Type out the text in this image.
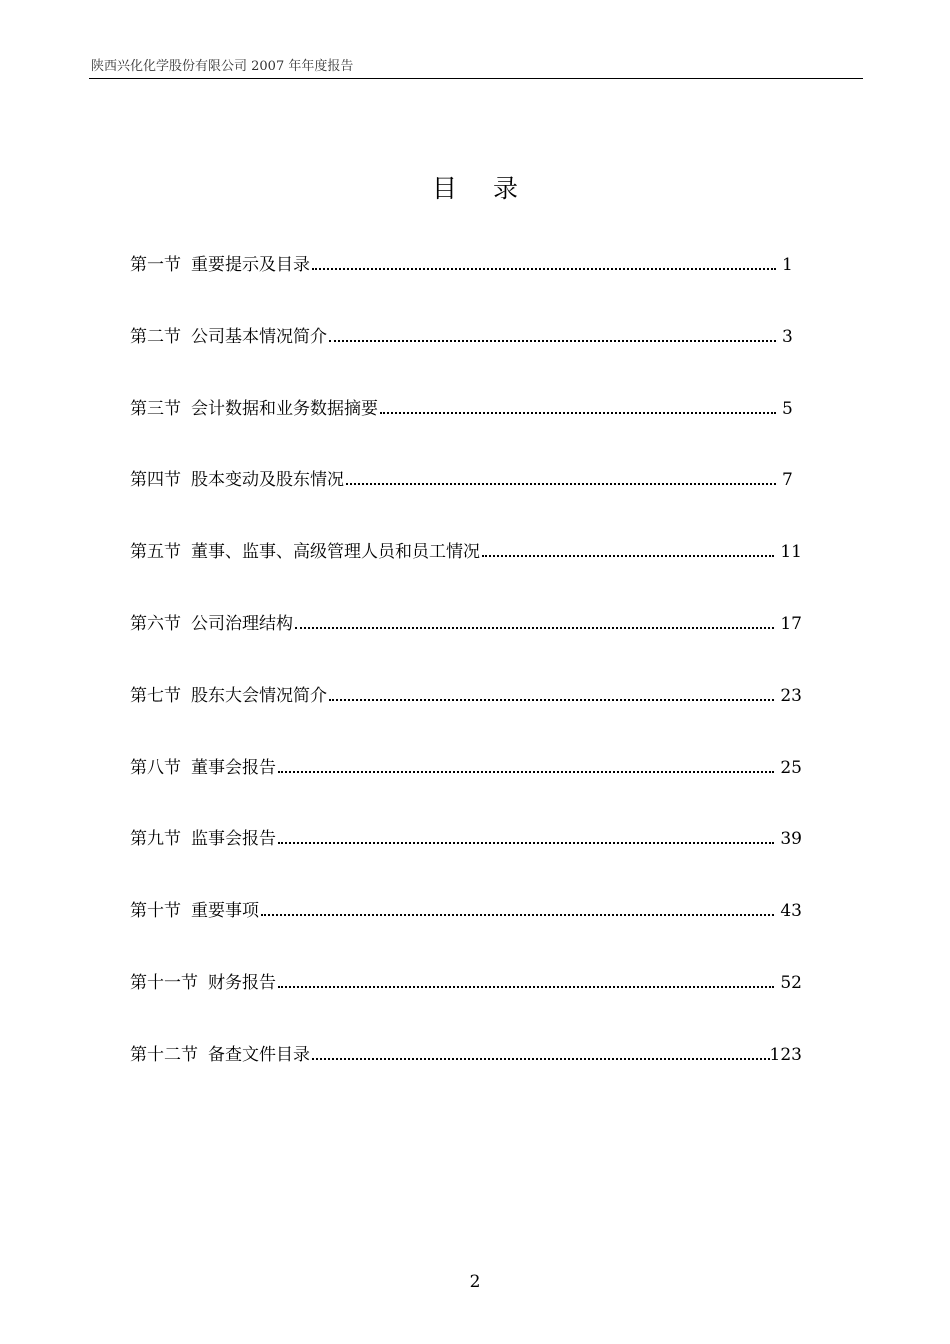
陕西兴化化学股份有限公司 2007 年年度报告
目 录
第一节 重要提示及目录	1
第二节 公司基本情况简介	3
第三节 会计数据和业务数据摘要	5
第四节 股本变动及股东情况	7
第五节 董事、监事、高级管理人员和员工情况	11
第六节 公司治理结构	17
第七节 股东大会情况简介	23
第八节 董事会报告	25
第九节 监事会报告	39
第十节 重要事项	43
第十一节 财务报告	52
第十二节 备查文件目录	123
2
